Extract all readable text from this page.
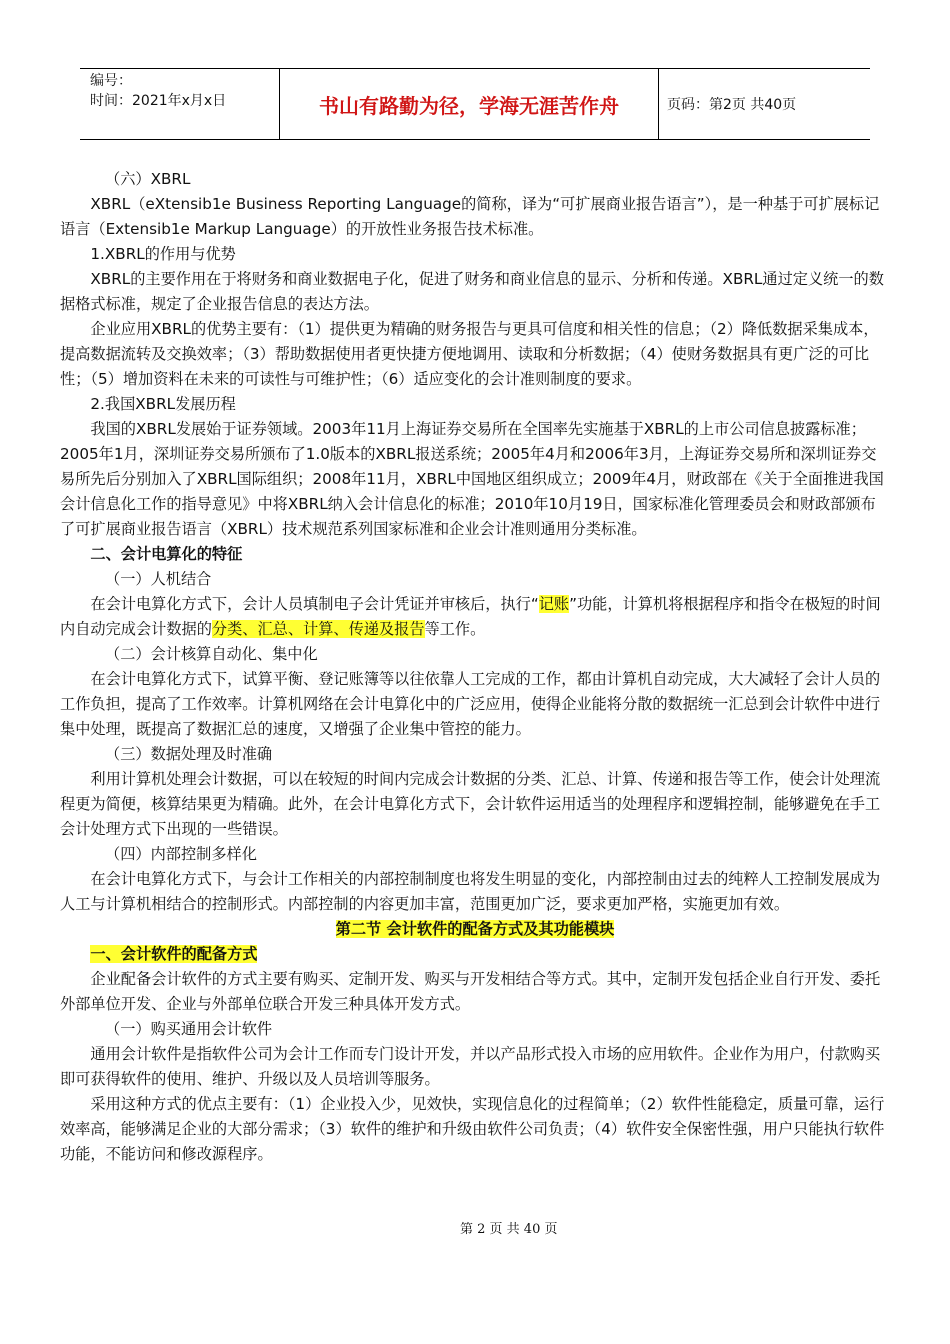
编号：
时间：2021年x月x日	书山有路勤为径，学海无涯苦作舟	页码：第2页 共40页

（六）XBRL

XBRL（eXtensib1e Business Reporting Language的简称，译为“可扩展商业报告语言”），是一种基于可扩展标记语言（Extensib1e Markup Language）的开放性业务报告技术标准。

1.XBRL的作用与优势

XBRL的主要作用在于将财务和商业数据电子化，促进了财务和商业信息的显示、分析和传递。XBRL通过定义统一的数据格式标准，规定了企业报告信息的表达方法。

企业应用XBRL的优势主要有：（1）提供更为精确的财务报告与更具可信度和相关性的信息；（2）降低数据采集成本，提高数据流转及交换效率；（3）帮助数据使用者更快捷方便地调用、读取和分析数据；（4）使财务数据具有更广泛的可比性；（5）增加资料在未来的可读性与可维护性；（6）适应变化的会计准则制度的要求。

2.我国XBRL发展历程

我国的XBRL发展始于证券领域。2003年11月上海证券交易所在全国率先实施基于XBRL的上市公司信息披露标准；2005年1月，深圳证券交易所颁布了1.0版本的XBRL报送系统；2005年4月和2006年3月，上海证券交易所和深圳证券交易所先后分别加入了XBRL国际组织；2008年11月，XBRL中国地区组织成立；2009年4月，财政部在《关于全面推进我国会计信息化工作的指导意见》中将XBRL纳入会计信息化的标准；2010年10月19日，国家标准化管理委员会和财政部颁布了可扩展商业报告语言（XBRL）技术规范系列国家标准和企业会计准则通用分类标准。

二、会计电算化的特征

（一）人机结合

在会计电算化方式下，会计人员填制电子会计凭证并审核后，执行“记账”功能，计算机将根据程序和指令在极短的时间内自动完成会计数据的分类、汇总、计算、传递及报告等工作。

（二）会计核算自动化、集中化

在会计电算化方式下，试算平衡、登记账簿等以往依靠人工完成的工作，都由计算机自动完成，大大减轻了会计人员的工作负担，提高了工作效率。计算机网络在会计电算化中的广泛应用，使得企业能将分散的数据统一汇总到会计软件中进行集中处理，既提高了数据汇总的速度，又增强了企业集中管控的能力。

（三）数据处理及时准确

利用计算机处理会计数据，可以在较短的时间内完成会计数据的分类、汇总、计算、传递和报告等工作，使会计处理流程更为简便，核算结果更为精确。此外，在会计电算化方式下，会计软件运用适当的处理程序和逻辑控制，能够避免在手工会计处理方式下出现的一些错误。

（四）内部控制多样化

在会计电算化方式下，与会计工作相关的内部控制制度也将发生明显的变化，内部控制由过去的纯粹人工控制发展成为人工与计算机相结合的控制形式。内部控制的内容更加丰富，范围更加广泛，要求更加严格，实施更加有效。

第二节 会计软件的配备方式及其功能模块

一、会计软件的配备方式

企业配备会计软件的方式主要有购买、定制开发、购买与开发相结合等方式。其中，定制开发包括企业自行开发、委托外部单位开发、企业与外部单位联合开发三种具体开发方式。

（一）购买通用会计软件

通用会计软件是指软件公司为会计工作而专门设计开发，并以产品形式投入市场的应用软件。企业作为用户，付款购买即可获得软件的使用、维护、升级以及人员培训等服务。

采用这种方式的优点主要有：（1）企业投入少，见效快，实现信息化的过程简单；（2）软件性能稳定，质量可靠，运行效率高，能够满足企业的大部分需求；（3）软件的维护和升级由软件公司负责；（4）软件安全保密性强，用户只能执行软件功能，不能访问和修改源程序。

第 2 页 共 40 页
